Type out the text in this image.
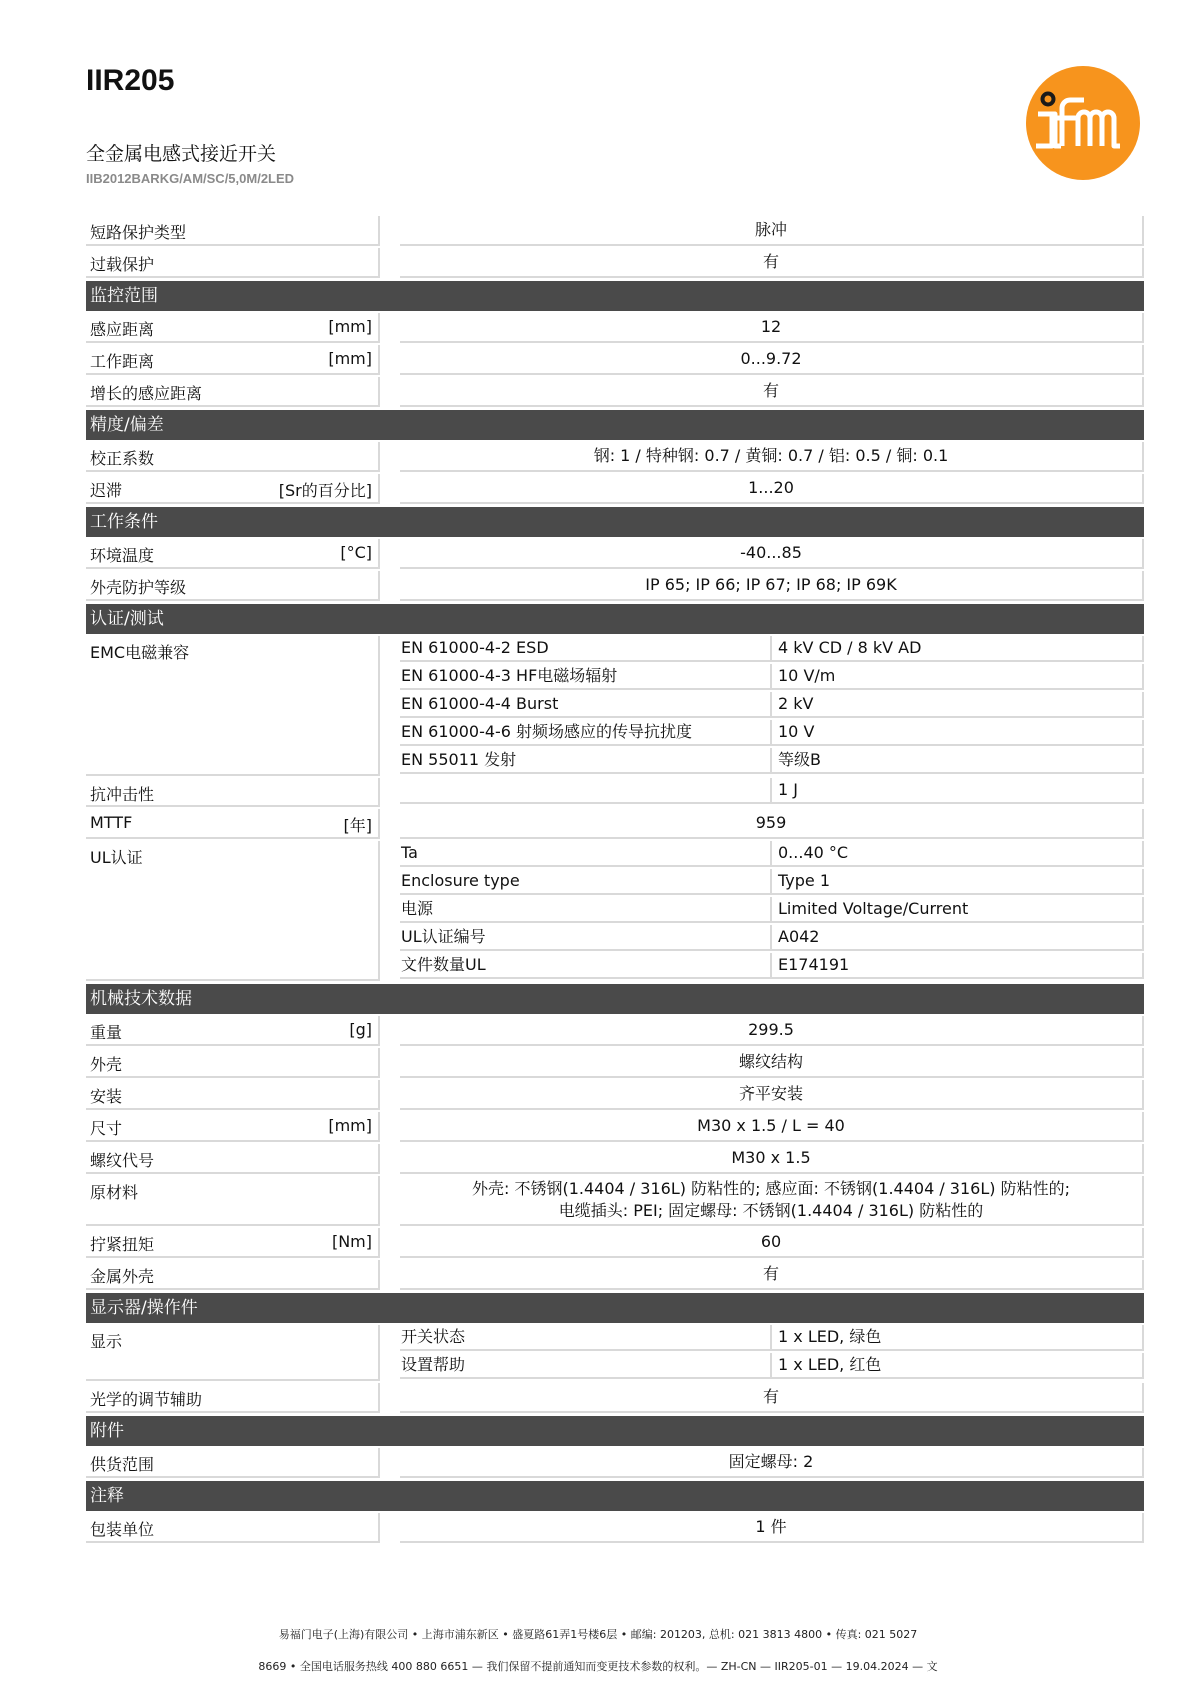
IIR205
全金属电感式接近开关
IIB2012BARKG/AM/SC/5,0M/2LED
短路保护类型	脉冲
过载保护	有
监控范围
感应距离	[mm]	12
工作距离	[mm]	0...9.72
增长的感应距离	有
精度/偏差
校正系数	钢: 1 / 特种钢: 0.7 / 黄铜: 0.7 / 铝: 0.5 / 铜: 0.1
迟滞	[Sr的百分比]	1...20
工作条件
环境温度	[°C]	-40...85
外壳防护等级	IP 65; IP 66; IP 67; IP 68; IP 69K
认证/测试
EMC电磁兼容	EN 61000-4-2 ESD	4 kV CD / 8 kV AD
EN 61000-4-3 HF电磁场辐射	10 V/m
EN 61000-4-4 Burst	2 kV
EN 61000-4-6 射频场感应的传导抗扰度	10 V
EN 55011 发射	等级B
抗冲击性	1 J
MTTF	[年]	959
UL认证	Ta	0...40 °C
Enclosure type	Type 1
电源	Limited Voltage/Current
UL认证编号	A042
文件数量UL	E174191
机械技术数据
重量	[g]	299.5
外壳	螺纹结构
安装	齐平安装
尺寸	[mm]	M30 x 1.5 / L = 40
螺纹代号	M30 x 1.5
原材料	外壳: 不锈钢(1.4404 / 316L) 防粘性的; 感应面: 不锈钢(1.4404 / 316L) 防粘性的; 电缆插头: PEI; 固定螺母: 不锈钢(1.4404 / 316L) 防粘性的
拧紧扭矩	[Nm]	60
金属外壳	有
显示器/操作件
显示	开关状态	1 x LED, 绿色
设置帮助	1 x LED, 红色
光学的调节辅助	有
附件
供货范围	固定螺母: 2
注释
包装单位	1 件
易福门电子(上海)有限公司 • 上海市浦东新区 • 盛夏路61弄1号楼6层 • 邮编: 201203, 总机: 021 3813 4800 • 传真: 021 5027
8669 • 全国电话服务热线 400 880 6651 — 我们保留不提前通知而变更技术参数的权利。— ZH-CN — IIR205-01 — 19.04.2024 — 文
